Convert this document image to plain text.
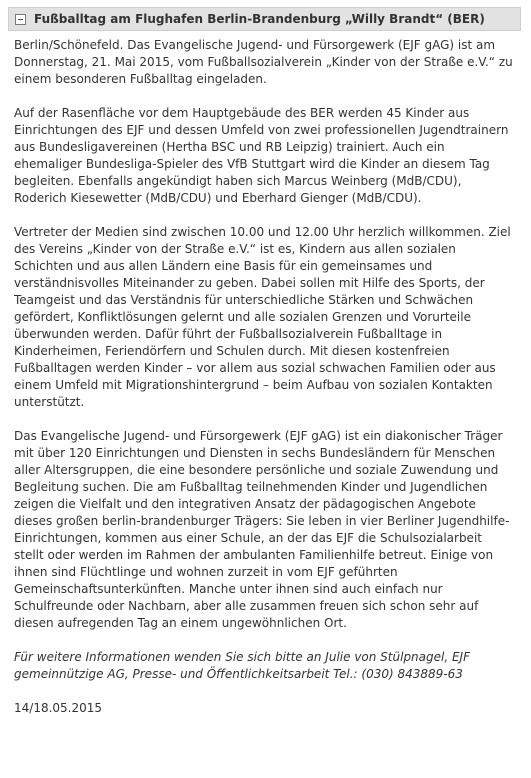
Fußballtag am Flughafen Berlin-Brandenburg „Willy Brandt“ (BER)

Berlin/Schönefeld. Das Evangelische Jugend- und Fürsorgewerk (EJF gAG) ist am Donnerstag, 21. Mai 2015, vom Fußballsozialverein „Kinder von der Straße e.V.“ zu einem besonderen Fußballtag eingeladen.

Auf der Rasenfläche vor dem Hauptgebäude des BER werden 45 Kinder aus Einrichtungen des EJF und dessen Umfeld von zwei professionellen Jugendtrainern aus Bundesligavereinen (Hertha BSC und RB Leipzig) trainiert. Auch ein ehemaliger Bundesliga-Spieler des VfB Stuttgart wird die Kinder an diesem Tag begleiten. Ebenfalls angekündigt haben sich Marcus Weinberg (MdB/CDU), Roderich Kiesewetter (MdB/CDU) und Eberhard Gienger (MdB/CDU).

Vertreter der Medien sind zwischen 10.00 und 12.00 Uhr herzlich willkommen. Ziel des Vereins „Kinder von der Straße e.V.“ ist es, Kindern aus allen sozialen Schichten und aus allen Ländern eine Basis für ein gemeinsames und verständnisvolles Miteinander zu geben. Dabei sollen mit Hilfe des Sports, der Teamgeist und das Verständnis für unterschiedliche Stärken und Schwächen gefördert, Konfliktlösungen gelernt und alle sozialen Grenzen und Vorurteile überwunden werden. Dafür führt der Fußballsozialverein Fußballtage in Kinderheimen, Feriendörfern und Schulen durch. Mit diesen kostenfreien Fußballtagen werden Kinder – vor allem aus sozial schwachen Familien oder aus einem Umfeld mit Migrationshintergrund – beim Aufbau von sozialen Kontakten unterstützt.

Das Evangelische Jugend- und Fürsorgewerk (EJF gAG) ist ein diakonischer Träger mit über 120 Einrichtungen und Diensten in sechs Bundesländern für Menschen aller Altersgruppen, die eine besondere persönliche und soziale Zuwendung und Begleitung suchen. Die am Fußballtag teilnehmenden Kinder und Jugendlichen zeigen die Vielfalt und den integrativen Ansatz der pädagogischen Angebote dieses großen berlin-brandenburger Trägers: Sie leben in vier Berliner Jugendhilfe-Einrichtungen, kommen aus einer Schule, an der das EJF die Schulsozialarbeit stellt oder werden im Rahmen der ambulanten Familienhilfe betreut. Einige von ihnen sind Flüchtlinge und wohnen zurzeit in vom EJF geführten Gemeinschaftsunterkünften. Manche unter ihnen sind auch einfach nur Schulfreunde oder Nachbarn, aber alle zusammen freuen sich schon sehr auf diesen aufregenden Tag an einem ungewöhnlichen Ort.

Für weitere Informationen wenden Sie sich bitte an Julie von Stülpnagel, EJF gemeinnützige AG, Presse- und Öffentlichkeitsarbeit Tel.: (030) 843889-63

14/18.05.2015
